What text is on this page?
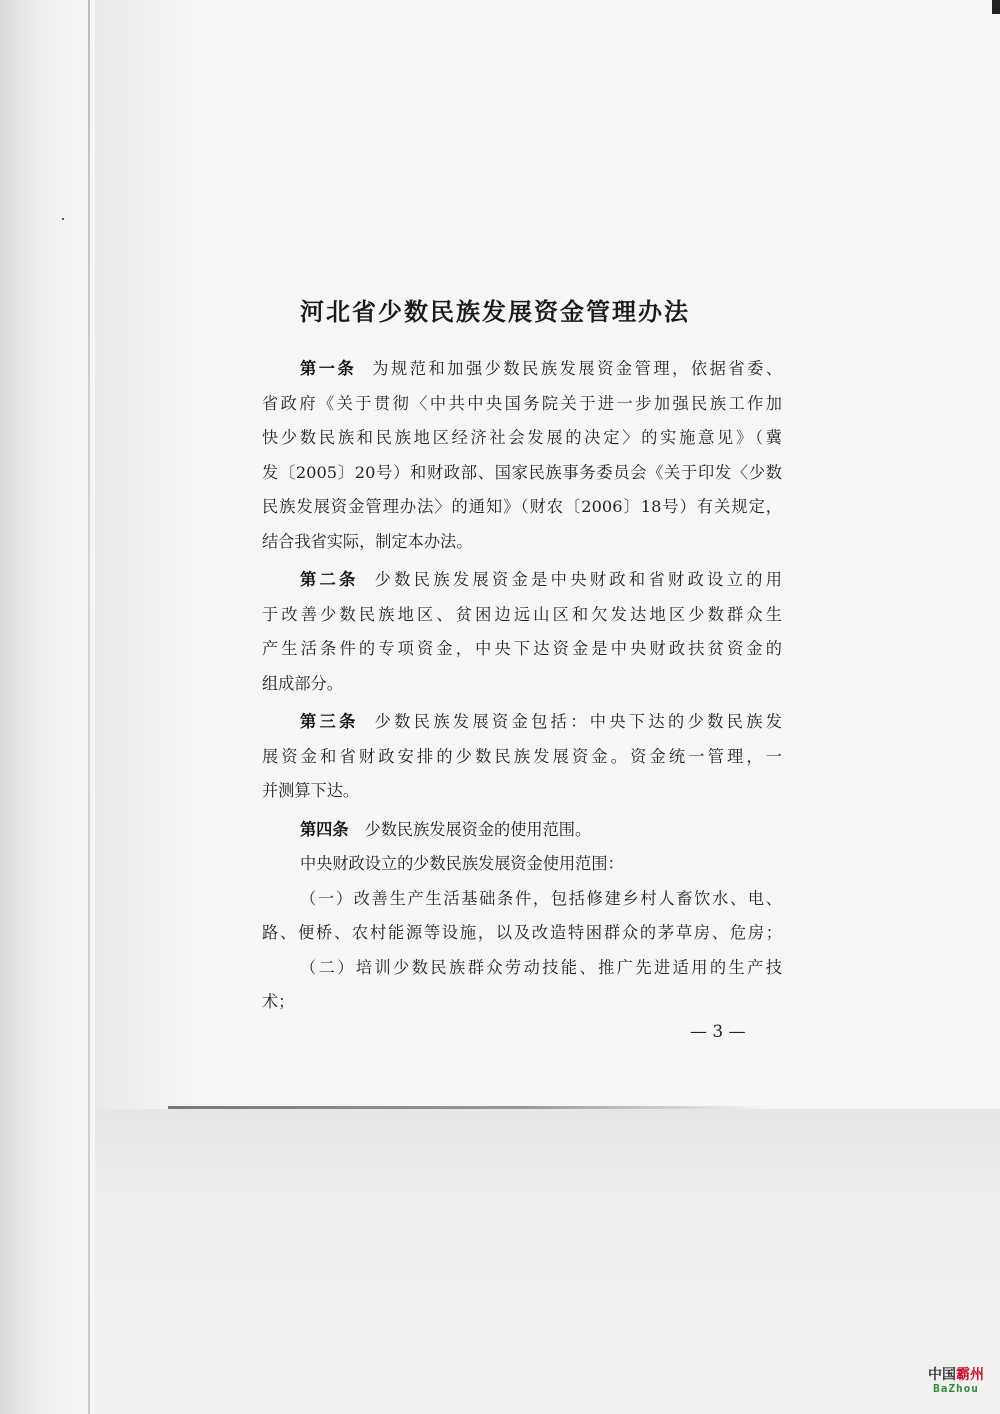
河北省少数民族发展资金管理办法
第一条 为规范和加强少数民族发展资金管理，依据省委、
省政府《关于贯彻〈中共中央国务院关于进一步加强民族工作加
快少数民族和民族地区经济社会发展的决定〉的实施意见》（冀
发〔2005〕20号）和财政部、国家民族事务委员会《关于印发〈少数
民族发展资金管理办法〉的通知》（财农〔2006〕18号）有关规定，
结合我省实际，制定本办法。
第二条 少数民族发展资金是中央财政和省财政设立的用
于改善少数民族地区、贫困边远山区和欠发达地区少数群众生
产生活条件的专项资金，中央下达资金是中央财政扶贫资金的
组成部分。
第三条 少数民族发展资金包括：中央下达的少数民族发
展资金和省财政安排的少数民族发展资金。资金统一管理，一
并测算下达。
第四条 少数民族发展资金的使用范围。
中央财政设立的少数民族发展资金使用范围：
（一）改善生产生活基础条件，包括修建乡村人畜饮水、电、
路、便桥、农村能源等设施，以及改造特困群众的茅草房、危房；
（二）培训少数民族群众劳动技能、推广先进适用的生产技
术；
— 3 —
中国霸州
BaZhou
